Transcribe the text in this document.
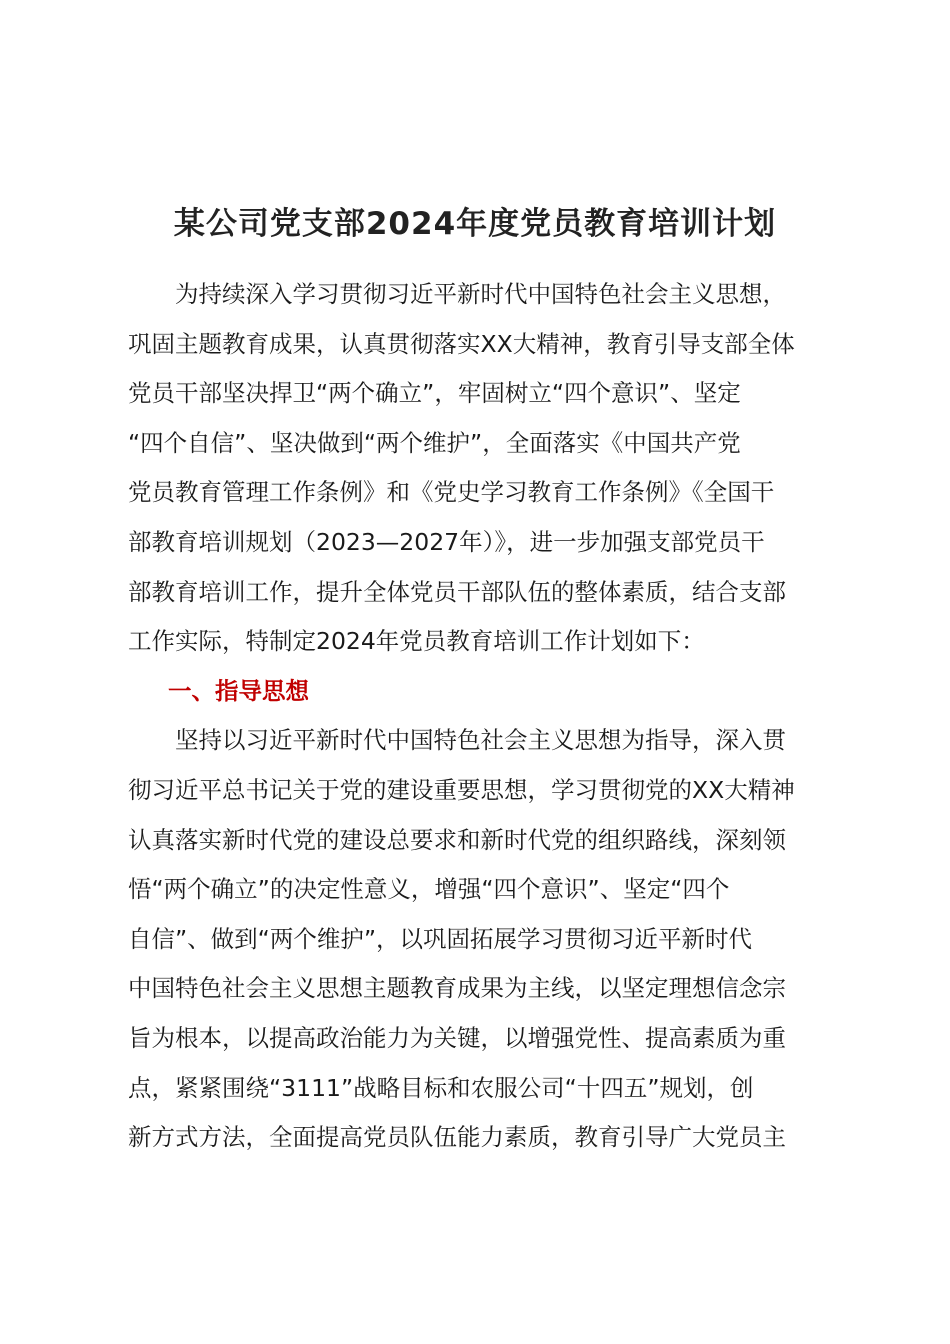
某公司党支部2024年度党员教育培训计划
为持续深入学习贯彻习近平新时代中国特色社会主义思想，
巩固主题教育成果，认真贯彻落实XX大精神，教育引导支部全体
党员干部坚决捍卫“两个确立”，牢固树立“四个意识”、坚定
“四个自信”、坚决做到“两个维护”，全面落实《中国共产党
党员教育管理工作条例》和《党史学习教育工作条例》《全国干
部教育培训规划（2023—2027年）》，进一步加强支部党员干
部教育培训工作，提升全体党员干部队伍的整体素质，结合支部
工作实际，特制定2024年党员教育培训工作计划如下：
一、指导思想
坚持以习近平新时代中国特色社会主义思想为指导，深入贯
彻习近平总书记关于党的建设重要思想，学习贯彻党的XX大精神
认真落实新时代党的建设总要求和新时代党的组织路线，深刻领
悟“两个确立”的决定性意义，增强“四个意识”、坚定“四个
自信”、做到“两个维护”，以巩固拓展学习贯彻习近平新时代
中国特色社会主义思想主题教育成果为主线，以坚定理想信念宗
旨为根本，以提高政治能力为关键，以增强党性、提高素质为重
点，紧紧围绕“3111”战略目标和农服公司“十四五”规划，创
新方式方法，全面提高党员队伍能力素质，教育引导广大党员主
